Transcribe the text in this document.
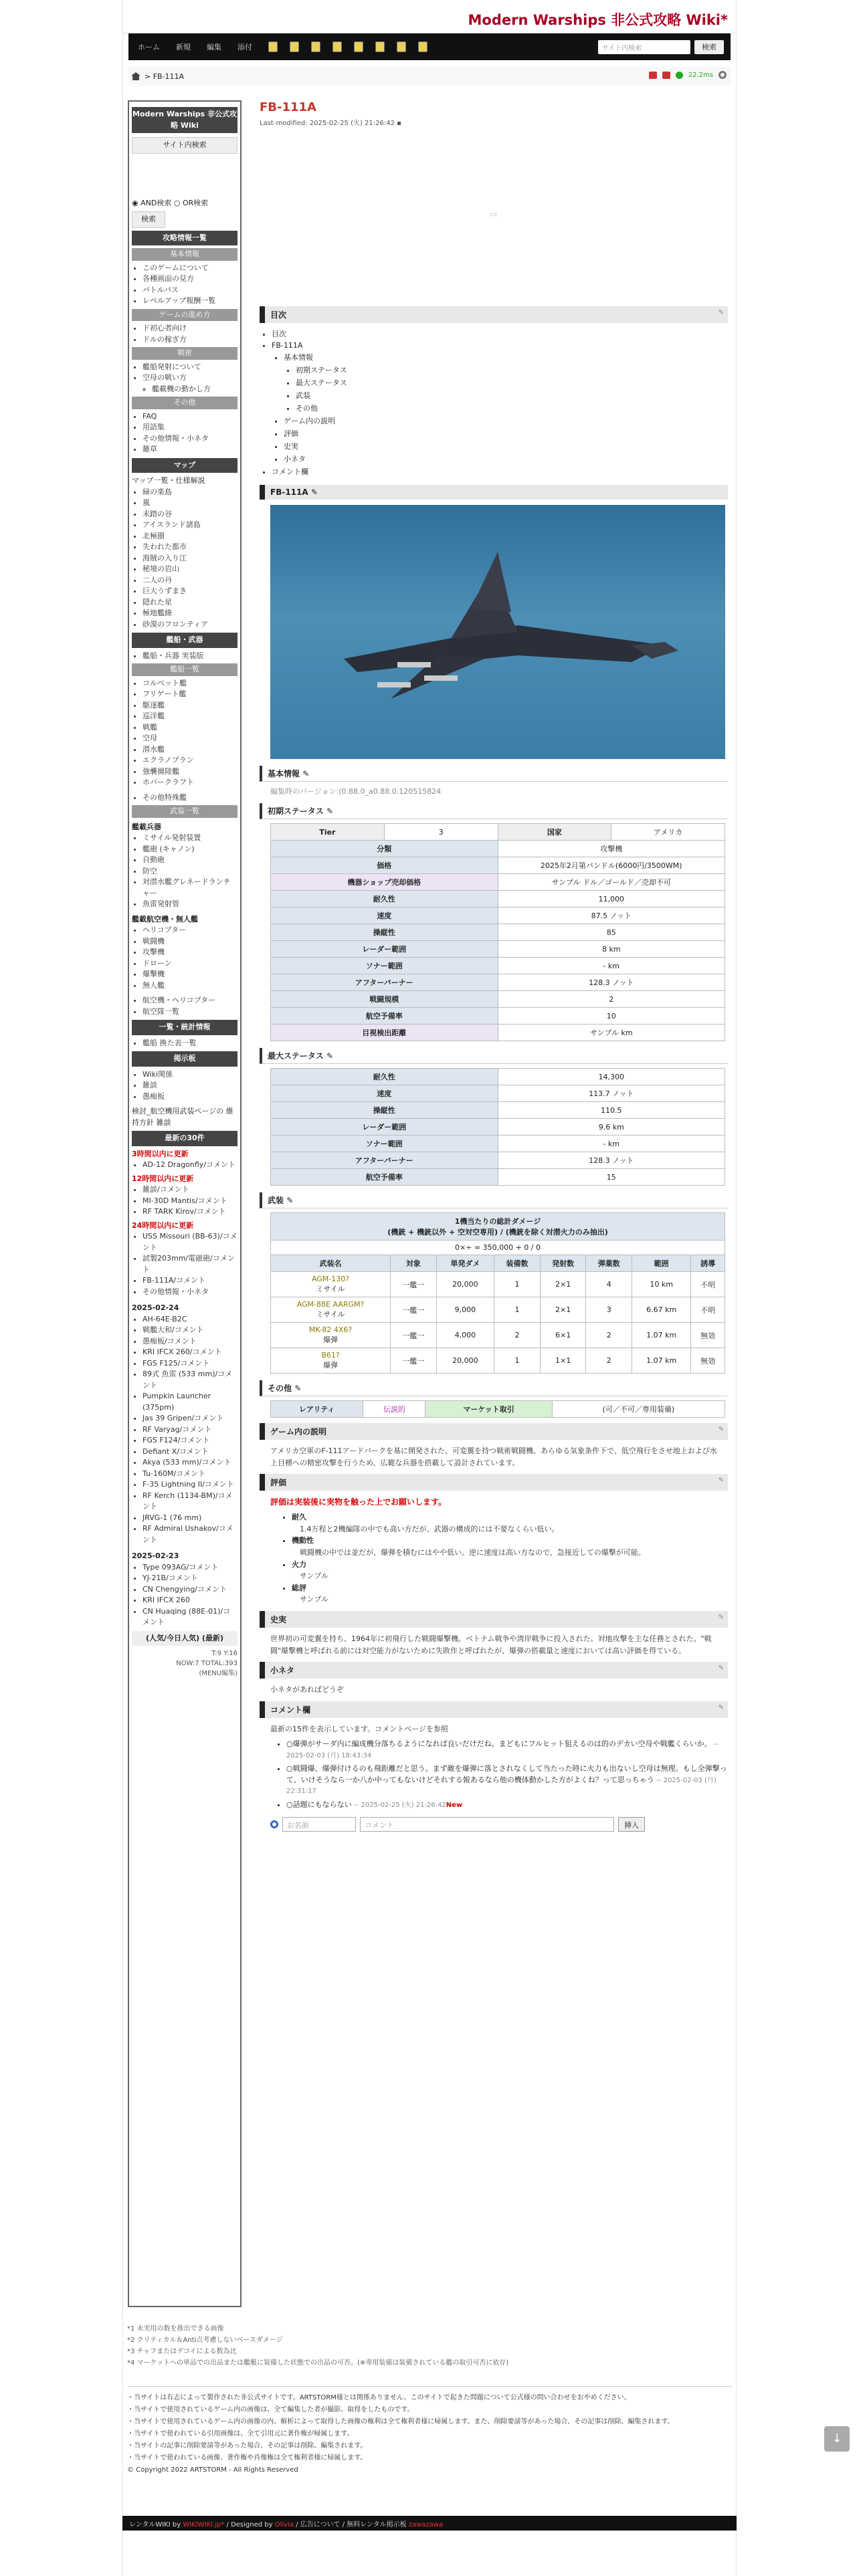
Modern Warships 非公式攻略 Wiki*
ホーム 新規 編集 添付	サイト内検索	検索
> FB-111A	22.2ms
Modern Warships 非公式攻略 Wiki
サイト内検索
◉ AND検索 ○ OR検索
検索
攻略情報一覧
基本情報
• このゲームについて
• 各種画面の見方
• バトルパス
• レベルアップ報酬一覧
ゲームの進め方
• ド初心者向け
• ドルの稼ぎ方
戦術
• 艦船発射について
• 空母の戦い方
◦ 艦載機の動かし方
その他
• FAQ
• 用語集
• その他情報・小ネタ
• 雑草
マップ
マップ一覧・仕様解説
• 緑の楽島
• 嵐
• 未踏の谷
• アイスランド諸島
• 北極圏
• 失われた都市
• 海賊の入り江
• 秘境の岩山
• 二人の丹
• 巨大うずまき
• 隠れた星
• 極地艦線
• 砂漠のフロンティア
艦船・武器
• 艦船・兵器 実装版
艦船一覧
• コルベット艦
• フリゲート艦
• 駆逐艦
• 巡洋艦
• 戦艦
• 空母
• 潜水艦
• エクラノプラン
• 強襲揚陸艦
• ホバークラフト
• その他特殊艦
武装一覧
艦載兵器
• ミサイル発射装置
• 艦砲 (キャノン)
• 自動砲
• 防空
• 対潜水艦グレネードランチャー
• 魚雷発射管
艦載航空機・無人艦
• ヘリコプター
• 戦闘機
• 攻撃機
• ドローン
• 爆撃機
• 無人艦
• 航空機・ヘリコプター
• 航空隊一覧
一覧・統計情報
• 艦船 換た表一覧
掲示板
• Wiki関係
• 雑談
• 愚痴板
検討_航空機用武装ページの 維持方針 雑談
最新の30件
3時間以内に更新
• AD-12 Dragonfly/コメント
12時間以内に更新
• 雑談/コメント
• MI-30D Mantis/コメント
• RF TARK Kirov/コメント
24時間以内に更新
• USS Missouri (BB-63)/コメント
• 試製203mm/電磁砲/コメント
• FB-111A/コメント
• その他情報・小ネタ
2025-02-24
• AH-64E-B2C
• 戦艦大和/コメント
• 愚痴板/コメント
• KRI IFCX 260/コメント
• FGS F125/コメント
• 89式 魚雷 (533 mm)/コメント
• Pumpkin Launcher (375pm)
• Jas 39 Gripen/コメント
• RF Varyag/コメント
• FGS F124/コメント
• Defiant X/コメント
• Akya (533 mm)/コメント
• Tu-160M/コメント
• F-35 Lightning II/コメント
• RF Kerch (1134-BM)/コメント
• JRVG-1 (76 mm)
• RF Admiral Ushakov/コメント
2025-02-23
• Type 093AG/コメント
• YJ-21B/コメント
• CN Chengying/コメント
• KRI IFCX 260
• CN Huaqing (88E-01)/コメント
(人気/今日人気) (最新)
T:9 Y:16
NOW:7 TOTAL:393
(MENU編集)
FB-111A
Last-modified: 2025-02-25 (火) 21:26:42 ▪
▭
目次	✎
• 目次
• FB-111A
• 基本情報
• 初期ステータス
• 最大ステータス
• 武装
• その他
• ゲーム内の説明
• 評価
• 史実
• 小ネタ
• コメント欄
FB-111A ✎
基本情報 ✎
編集時のバージョン:(0.88.0_a0.88.0.120515824
初期ステータス ✎
Tier	3	国家	アメリカ
分類		攻撃機	
価格		2025年2月第バンドル(6000円/3500WM)	
機器ショップ売却価格		サンプル ドル／ゴールド／売却不可	
耐久性		11,000	
速度		87.5 ノット	
操縦性		85	
レーダー範囲		8 km	
ソナー範囲		- km	
アフターバーナー		128.3 ノット	
戦闘規模		2	
航空予備率		10	
目視検出距離		サンプル km	
最大ステータス ✎
耐久性	14,300
速度	113.7 ノット
操縦性	110.5
レーダー範囲	9.6 km
ソナー範囲	- km
アフターバーナー	128.3 ノット
航空予備率	15
武装 ✎
1機当たりの総計ダメージ
(機銃 + 機銃以外 + 空対空専用) / (機銃を除く対潜火力のみ抽出)							

0×÷ = 350,000 + 0 / 0							
武装名	対象	単発ダメ	装備数	発射数	弾薬数	範囲	誘導

AGM-130?
ミサイル	一艦一	20,000	1	2×1	4	10 km	不明

AGM-88E AARGM?
ミサイル	一艦一	9,000	1	2×1	3	6.67 km	不明

MK-82 4X6?
爆弾	一艦一	4,000	2	6×1	2	1.07 km	無効

B61?
爆弾	一艦一	20,000	1	1×1	2	1.07 km	無効
その他 ✎
レアリティ	伝説的	マーケット取引	(可／不可／専用装備)
ゲーム内の説明	✎
アメリカ空軍のF-111アードバークを基に開発された、可変翼を持つ戦術戦闘機。あらゆる気象条件下で、低空飛行をさせ地上および水上目標への精密攻撃を行うため、広範な兵器を搭載して設計されています。
評価	✎
評価は実装後に実物を触った上でお願いします。
• 耐久
1.4万程と2機編隊の中でも高い方だが、武器の構成的には不要なくらい低い。
• 機動性
戦闘機の中では並だが、爆弾を積むにはやや低い。逆に速度は高い方なので、急接近しての爆撃が可能。
• 火力
サンプル
• 総評
サンプル
史実	✎
世界初の可変翼を持ち、1964年に初飛行した戦闘爆撃機。ベトナム戦争や湾岸戦争に投入された。対地攻撃を主な任務とされた。"戦闘"爆撃機と呼ばれる前には対空能力がないために失敗作と呼ばれたが、爆弾の搭載量と速度においては高い評価を得ている。
小ネタ	✎
小ネタがあればどうぞ
コメント欄	✎
最新の15件を表示しています。コメントページを参照
• ○爆弾がサーダ内に編成機分落ちるようになれば良いだけだね。まどもにフルヒット狙えるのは的のデカい空母や戦艦くらいか。 -- 2025-02-03 (月) 18:43:34
• ○戦闘爆、爆弾付けるのも飛距離だと思う。まず敵を爆弾に落とされなくして当たった時に火力も出ないし空母は無理。もし全弾撃って、いけそうなら一か八か中ってもないけどそれする報あるなら他の機体動かした方がよくね？って思っちゃう -- 2025-02-03 (月) 22:31:17
• ○話題にもならない -- 2025-02-25 (火) 21:26:42New
お名前	コメント	挿入
*1 未実用の数を推出できる画像
*2 クリティカル＆Anti点考慮しないベースダメージ
*3 チャフまたはデコイによる数為比
*4 マーケットへの単品での出品または艦艇に装備した状態での出品の可否。(※専用装備は装備されている艦の取引可否に依存)
・当サイトは有志によって製作された非公式サイトです。ARTSTORM様とは関係ありません。このサイトで起きた問題について公式様の問い合わせをおやめください。
・当サイトで使用されているゲーム内の画像は、全て編集した者が撮影、取得をしたものです。
・当サイトで使用されているゲーム内の画像の内、解析によって取得した画像の権利は全て権利者様に帰属します。また、削除要請等があった場合、その記事は削除、編集されます。
・当サイトで使われている引用画像は、全て引用元に著作権が帰属します。
・当サイトの記事に削除要請等があった場合、その記事は削除、編集されます。
・当サイトで使われている画像、著作権や肖像権は全て権利者様に帰属します。
© Copyright 2022 ARTSTORM - All Rights Reserved
レンタルWIKI by WIKIWIKI.jp* / Designed by Olivia / 広告について / 無料レンタル掲示板 zawazawa
↓
